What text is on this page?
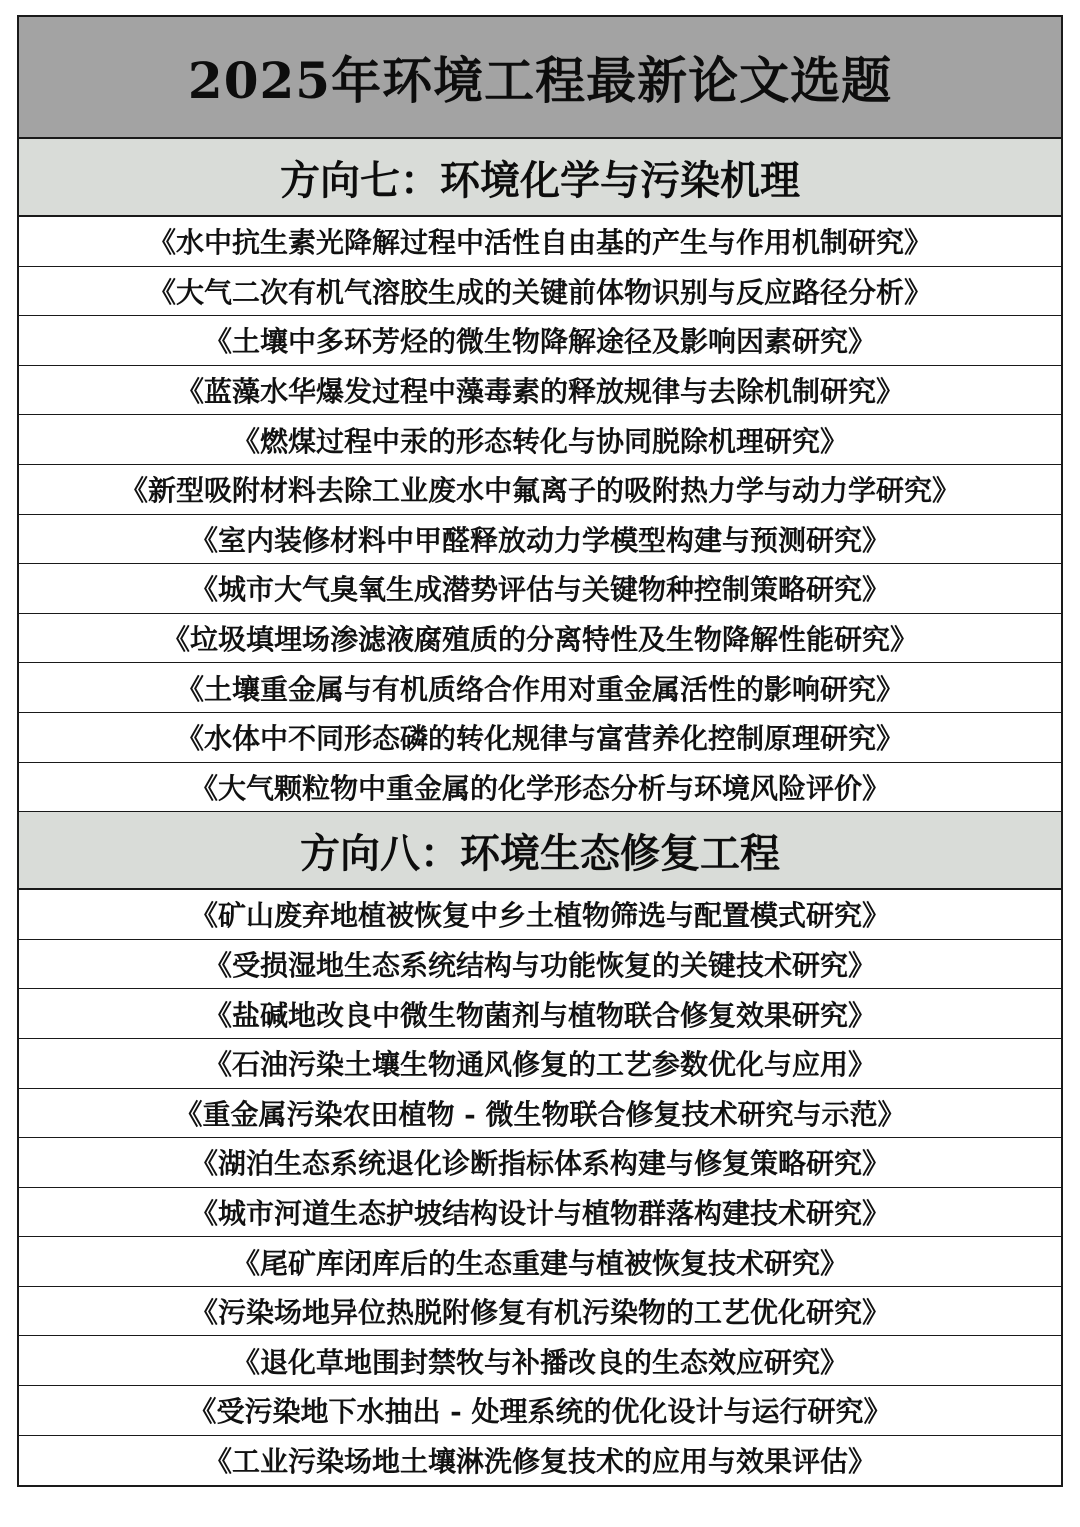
2025年环境工程最新论文选题
方向七：环境化学与污染机理
《水中抗生素光降解过程中活性自由基的产生与作用机制研究》
《大气二次有机气溶胶生成的关键前体物识别与反应路径分析》
《土壤中多环芳烃的微生物降解途径及影响因素研究》
《蓝藻水华爆发过程中藻毒素的释放规律与去除机制研究》
《燃煤过程中汞的形态转化与协同脱除机理研究》
《新型吸附材料去除工业废水中氟离子的吸附热力学与动力学研究》
《室内装修材料中甲醛释放动力学模型构建与预测研究》
《城市大气臭氧生成潜势评估与关键物种控制策略研究》
《垃圾填埋场渗滤液腐殖质的分离特性及生物降解性能研究》
《土壤重金属与有机质络合作用对重金属活性的影响研究》
《水体中不同形态磷的转化规律与富营养化控制原理研究》
《大气颗粒物中重金属的化学形态分析与环境风险评价》
方向八：环境生态修复工程
《矿山废弃地植被恢复中乡土植物筛选与配置模式研究》
《受损湿地生态系统结构与功能恢复的关键技术研究》
《盐碱地改良中微生物菌剂与植物联合修复效果研究》
《石油污染土壤生物通风修复的工艺参数优化与应用》
《重金属污染农田植物 - 微生物联合修复技术研究与示范》
《湖泊生态系统退化诊断指标体系构建与修复策略研究》
《城市河道生态护坡结构设计与植物群落构建技术研究》
《尾矿库闭库后的生态重建与植被恢复技术研究》
《污染场地异位热脱附修复有机污染物的工艺优化研究》
《退化草地围封禁牧与补播改良的生态效应研究》
《受污染地下水抽出 - 处理系统的优化设计与运行研究》
《工业污染场地土壤淋洗修复技术的应用与效果评估》
